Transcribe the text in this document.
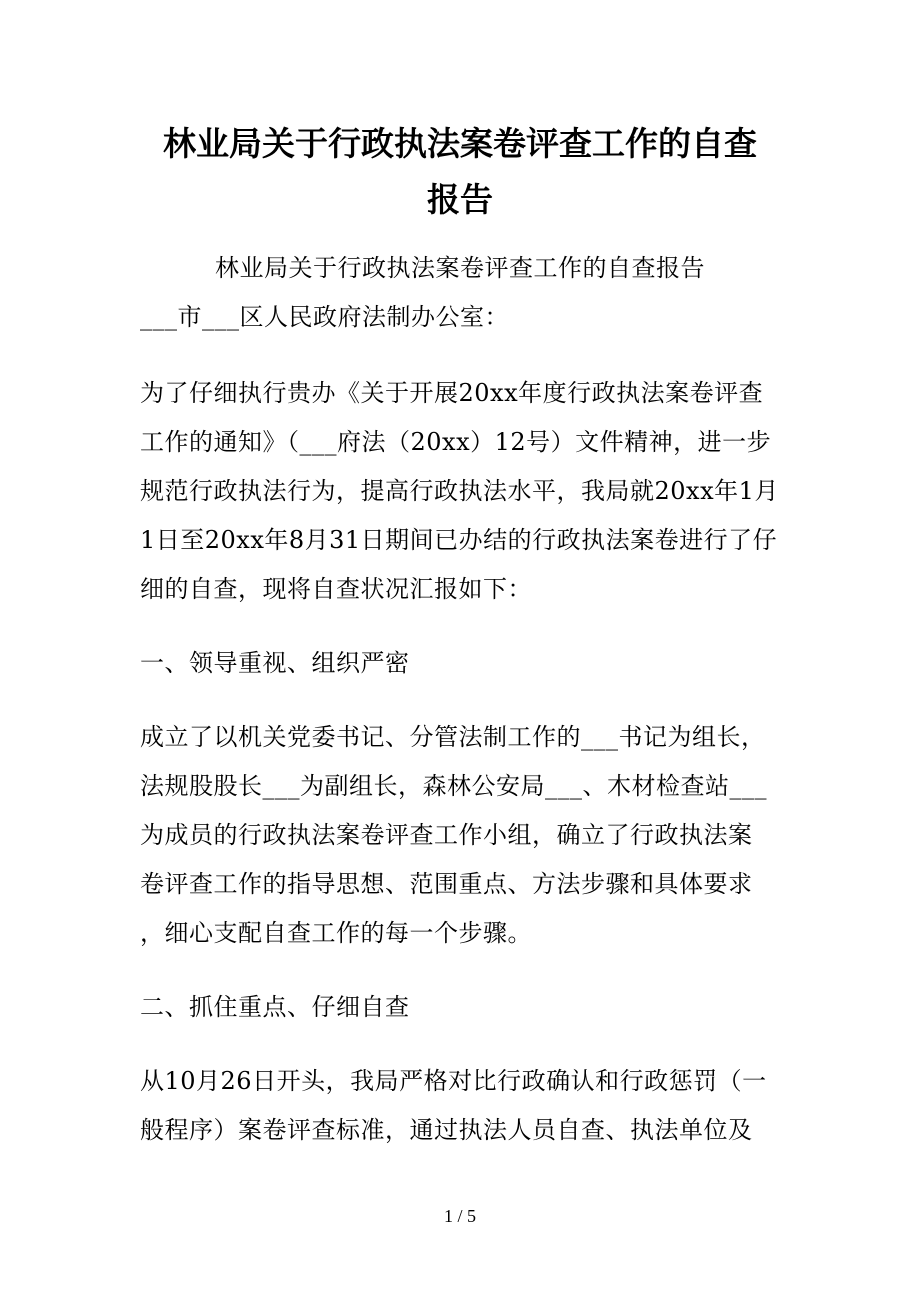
林业局关于行政执法案卷评查工作的自查
报告
林业局关于行政执法案卷评查工作的自查报告
___市___区人民政府法制办公室：
为了仔细执行贵办《关于开展20xx年度行政执法案卷评查
工作的通知》（___府法（20xx）12号）文件精神，进一步
规范行政执法行为，提高行政执法水平，我局就20xx年1月
1日至20xx年8月31日期间已办结的行政执法案卷进行了仔
细的自查，现将自查状况汇报如下：
一、领导重视、组织严密
成立了以机关党委书记、分管法制工作的___书记为组长，
法规股股长___为副组长，森林公安局___、木材检查站___
为成员的行政执法案卷评查工作小组，确立了行政执法案
卷评查工作的指导思想、范围重点、方法步骤和具体要求
，细心支配自查工作的每一个步骤。
二、抓住重点、仔细自查
从10月26日开头，我局严格对比行政确认和行政惩罚（一
般程序）案卷评查标准，通过执法人员自查、执法单位及
1 / 5
